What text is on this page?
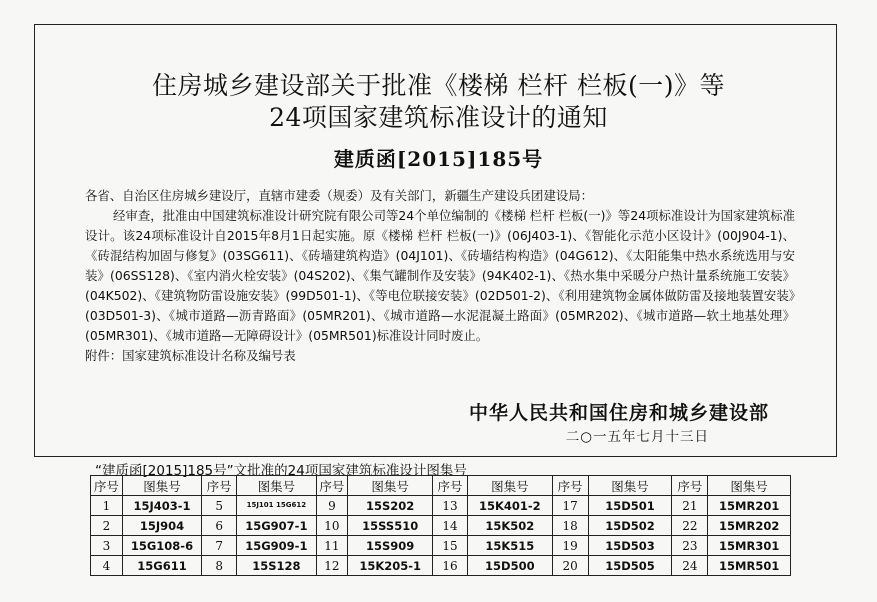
住房城乡建设部关于批准《楼梯 栏杆 栏板(一)》等
24项国家建筑标准设计的通知
建质函[2015]185号

各省、自治区住房城乡建设厅，直辖市建委（规委）及有关部门，新疆生产建设兵团建设局：

经审查，批准由中国建筑标准设计研究院有限公司等24个单位编制的《楼梯 栏杆 栏板(一)》等24项标准设计为国家建筑标准设计。该24项标准设计自2015年8月1日起实施。原《楼梯 栏杆 栏板(一)》(06J403-1)、《智能化示范小区设计》(00J904-1)、《砖混结构加固与修复》(03SG611)、《砖墙建筑构造》(04J101)、《砖墙结构构造》(04G612)、《太阳能集中热水系统选用与安装》(06SS128)、《室内消火栓安装》(04S202)、《集气罐制作及安装》(94K402-1)、《热水集中采暖分户热计量系统施工安装》(04K502)、《建筑物防雷设施安装》(99D501-1)、《等电位联接安装》(02D501-2)、《利用建筑物金属体做防雷及接地装置安装》(03D501-3)、《城市道路—沥青路面》(05MR201)、《城市道路—水泥混凝土路面》(05MR202)、《城市道路—软土地基处理》(05MR301)、《城市道路—无障碍设计》(05MR501)标准设计同时废止。

附件：国家建筑标准设计名称及编号表

中华人民共和国住房和城乡建设部
二○一五年七月十三日
“建质函[2015]185号”文批准的24项国家建筑标准设计图集号
序号	图集号	序号	图集号	序号	图集号	序号	图集号	序号	图集号	序号	图集号
1	15J403-1	5	15J101 15G612	9	15S202	13	15K401-2	17	15D501	21	15MR201
2	15J904	6	15G907-1	10	15SS510	14	15K502	18	15D502	22	15MR202
3	15G108-6	7	15G909-1	11	15S909	15	15K515	19	15D503	23	15MR301
4	15G611	8	15S128	12	15K205-1	16	15D500	20	15D505	24	15MR501
